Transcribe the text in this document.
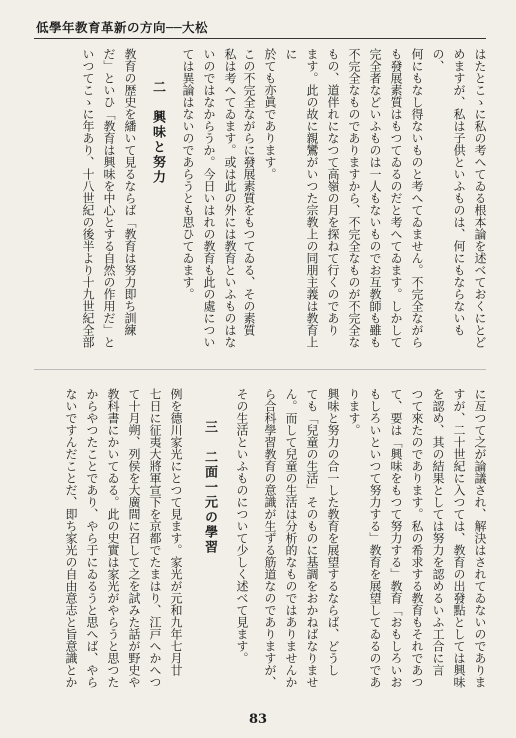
低學年教育革新の方向──大松

はたとこゝに私の考へてゐる根本論を述べておくにとど

めますが、私は子供といふものは、何にもならないもの、

何にもなし得ないものと考へてゐません。不完全ながら

も發展素質はもつてゐるのだと考へてゐます。しかして

完全者などいふものは一人もないものでお互教師も雖も

不完全なものでありますから、不完全なものが不完全な

もの、道伴れになつて高嶺の月を探ねて行くのであり

ます。此の故に親鸞がいつた宗教上の同朋主義は教育上に

於ても亦眞であります。

この不完全ながらに發展素質をもつてゐる、その素質

私は考へてゐます。或は此の外には教育といふものはな

いのではなからうか。今日いはれの教育も此の處につい

ては異論はないのであらうとも思ひてゐます。

二　興味と努力

教育の歴史を繙いて見るならば「教育は努力即ち訓練

だ」といひ「教育は興味を中心とする自然の作用だ」と

いつてこゝに年あり、十八世紀の後半より十九世紀全部

に亙つて之が論議され、解決はされてゐないのでありま

すが、二十世紀に入つては、教育の出發點としては興味

を認め、其の結果としては努力を認めるいふ工合に言

つて來たのであります。私の希求する教育もそれであつ

て、要は「興味をもつて努力する」教育「おもしろいお

もしろいといつて努力する」教育を展望してゐるのであ

ります。

興味と努力の合一した教育を展望するならば、どうし

ても「兒童の生活」そのものに基調をおかねばなりませ

ん。而して兒童の生活は分析的なものではありませんか

ら合科學習教育の意識が生ずる筋道なのでありますが、

その生活といふものについて少しく述べて見ます。

三　二面一元の學習

例を德川家光にとつて見ます。家光が元和九年七月廿

七日に征夷大將軍宣下を京都でたまはり、江戸へかへつ

て十月朔、列侯を大廣間に召して之を試みた話が野史や

教科書にかいてゐる。此の史實は家光がやらうと思つた

からやつたことであり、やら于にゐるうと思へば、やら

ないですんだことだ、即ち家光の自由意志と旨意識とか

83
